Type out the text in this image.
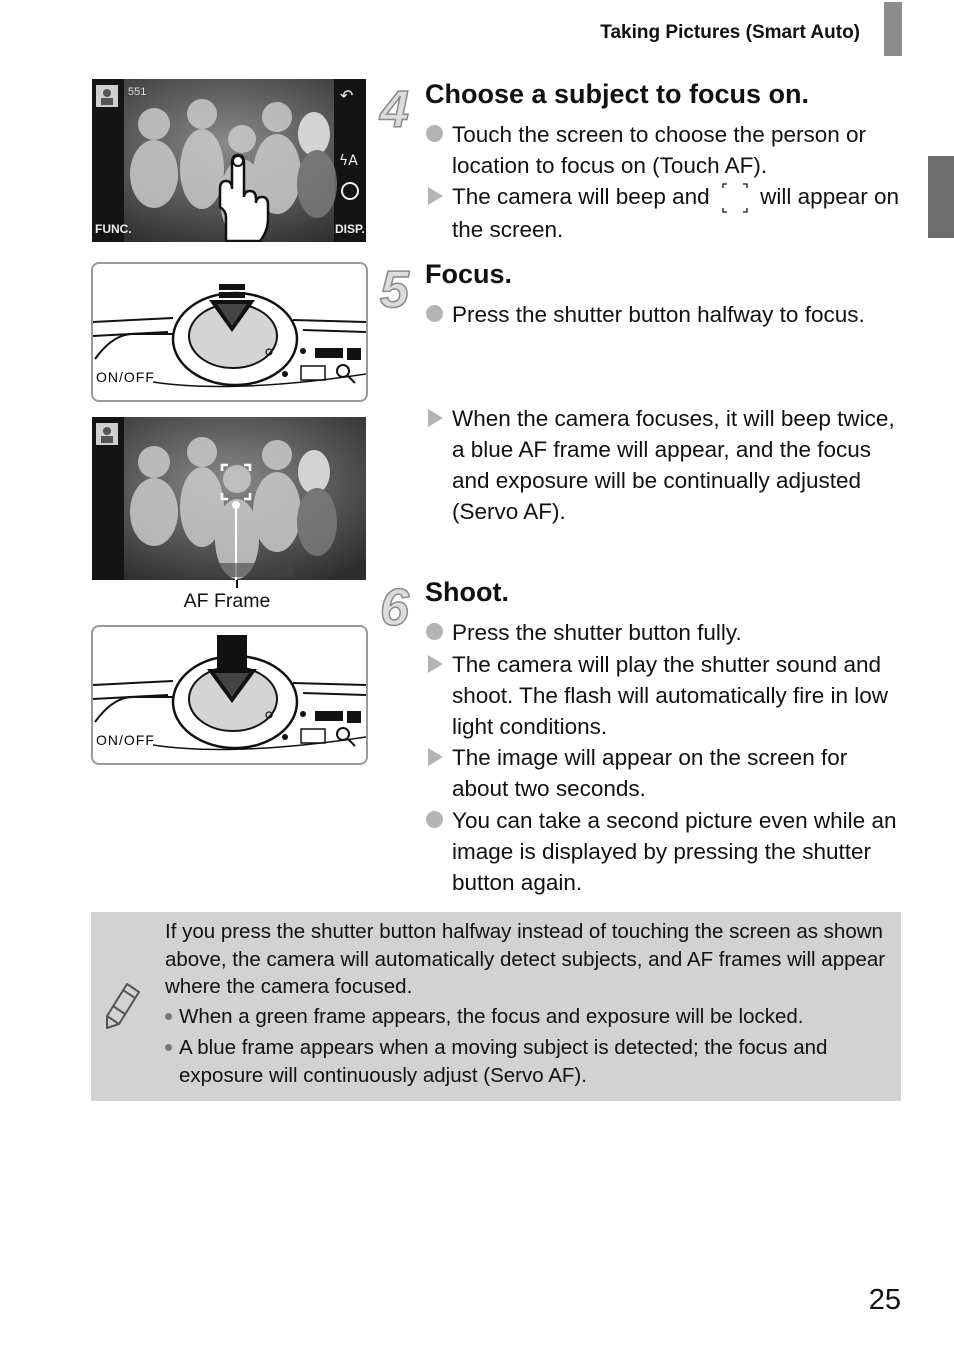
Taking Pictures (Smart Auto)
551	↶
ϟA
DISP.
FUNC.
ON/OFF
AF Frame
ON/OFF
4 Choose a subject to focus on.
Touch the screen to choose the person or location to focus on (Touch AF).
The camera will beep and will appear on the screen.
5 Focus.
Press the shutter button halfway to focus.
When the camera focuses, it will beep twice, a blue AF frame will appear, and the focus and exposure will be continually adjusted (Servo AF).
6 Shoot.
Press the shutter button fully.
The camera will play the shutter sound and shoot. The flash will automatically fire in low light conditions.
The image will appear on the screen for about two seconds.
You can take a second picture even while an image is displayed by pressing the shutter button again.
If you press the shutter button halfway instead of touching the screen as shown above, the camera will automatically detect subjects, and AF frames will appear where the camera focused.
When a green frame appears, the focus and exposure will be locked.
A blue frame appears when a moving subject is detected; the focus and exposure will continuously adjust (Servo AF).
25
